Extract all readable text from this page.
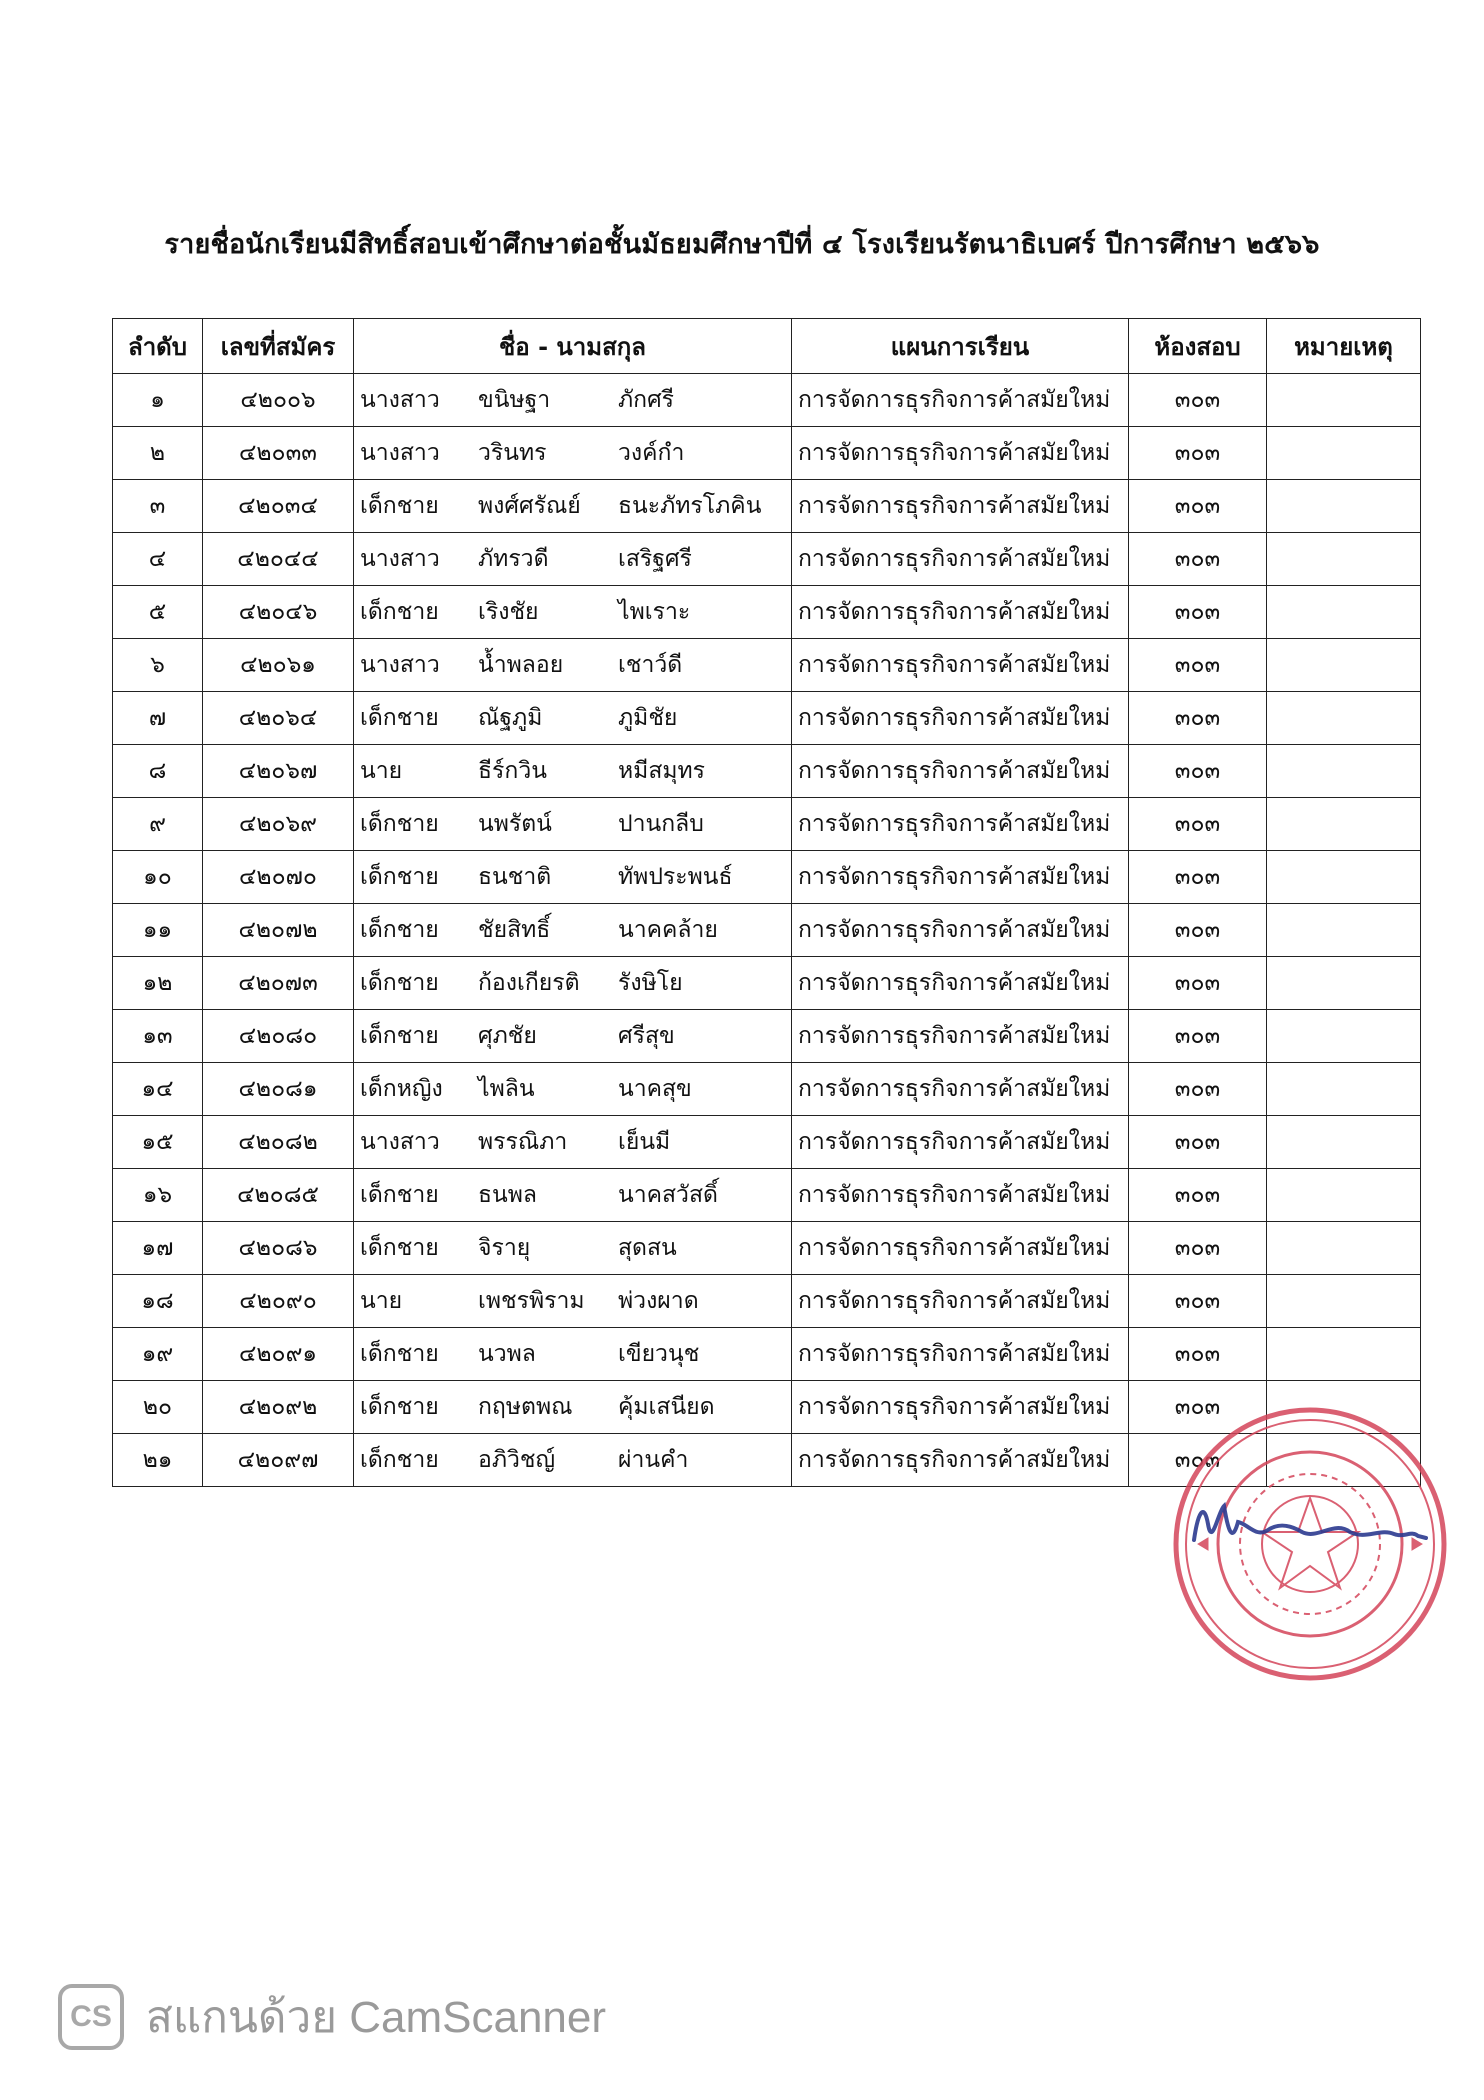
รายชื่อนักเรียนมีสิทธิ์สอบเข้าศึกษาต่อชั้นมัธยมศึกษาปีที่ ๔ โรงเรียนรัตนาธิเบศร์ ปีการศึกษา ๒๕๖๖
ลำดับ	เลขที่สมัคร	ชื่อ - นามสกุล	แผนการเรียน	ห้องสอบ	หมายเหตุ
๑	๔๒๐๐๖	นางสาว ขนิษฐา ภักศรี	การจัดการธุรกิจการค้าสมัยใหม่	๓๐๓	
๒	๔๒๐๓๓	นางสาว วรินทร วงค์กำ	การจัดการธุรกิจการค้าสมัยใหม่	๓๐๓	
๓	๔๒๐๓๔	เด็กชาย พงศ์ศรัณย์ ธนะภัทรโภคิน	การจัดการธุรกิจการค้าสมัยใหม่	๓๐๓	
๔	๔๒๐๔๔	นางสาว ภัทรวดี เสริฐศรี	การจัดการธุรกิจการค้าสมัยใหม่	๓๐๓	
๕	๔๒๐๔๖	เด็กชาย เริงชัย ไพเราะ	การจัดการธุรกิจการค้าสมัยใหม่	๓๐๓	
๖	๔๒๐๖๑	นางสาว น้ำพลอย เชาว์ดี	การจัดการธุรกิจการค้าสมัยใหม่	๓๐๓	
๗	๔๒๐๖๔	เด็กชาย ณัฐภูมิ ภูมิชัย	การจัดการธุรกิจการค้าสมัยใหม่	๓๐๓	
๘	๔๒๐๖๗	นาย ธีร์กวิน หมีสมุทร	การจัดการธุรกิจการค้าสมัยใหม่	๓๐๓	
๙	๔๒๐๖๙	เด็กชาย นพรัตน์ ปานกลีบ	การจัดการธุรกิจการค้าสมัยใหม่	๓๐๓	
๑๐	๔๒๐๗๐	เด็กชาย ธนชาติ ทัพประพนธ์	การจัดการธุรกิจการค้าสมัยใหม่	๓๐๓	
๑๑	๔๒๐๗๒	เด็กชาย ชัยสิทธิ์ นาคคล้าย	การจัดการธุรกิจการค้าสมัยใหม่	๓๐๓	
๑๒	๔๒๐๗๓	เด็กชาย ก้องเกียรติ รังษิโย	การจัดการธุรกิจการค้าสมัยใหม่	๓๐๓	
๑๓	๔๒๐๘๐	เด็กชาย ศุภชัย ศรีสุข	การจัดการธุรกิจการค้าสมัยใหม่	๓๐๓	
๑๔	๔๒๐๘๑	เด็กหญิง ไพลิน นาคสุข	การจัดการธุรกิจการค้าสมัยใหม่	๓๐๓	
๑๕	๔๒๐๘๒	นางสาว พรรณิภา เย็นมี	การจัดการธุรกิจการค้าสมัยใหม่	๓๐๓	
๑๖	๔๒๐๘๕	เด็กชาย ธนพล นาคสวัสดิ์	การจัดการธุรกิจการค้าสมัยใหม่	๓๐๓	
๑๗	๔๒๐๘๖	เด็กชาย จิรายุ สุดสน	การจัดการธุรกิจการค้าสมัยใหม่	๓๐๓	
๑๘	๔๒๐๙๐	นาย เพชรพิราม พ่วงผาด	การจัดการธุรกิจการค้าสมัยใหม่	๓๐๓	
๑๙	๔๒๐๙๑	เด็กชาย นวพล เขียวนุช	การจัดการธุรกิจการค้าสมัยใหม่	๓๐๓	
๒๐	๔๒๐๙๒	เด็กชาย กฤษตพณ คุ้มเสนียด	การจัดการธุรกิจการค้าสมัยใหม่	๓๐๓	
๒๑	๔๒๐๙๗	เด็กชาย อภิวิชญ์ ผ่านคำ	การจัดการธุรกิจการค้าสมัยใหม่	๓๐๓	
CS สแกนด้วย CamScanner
